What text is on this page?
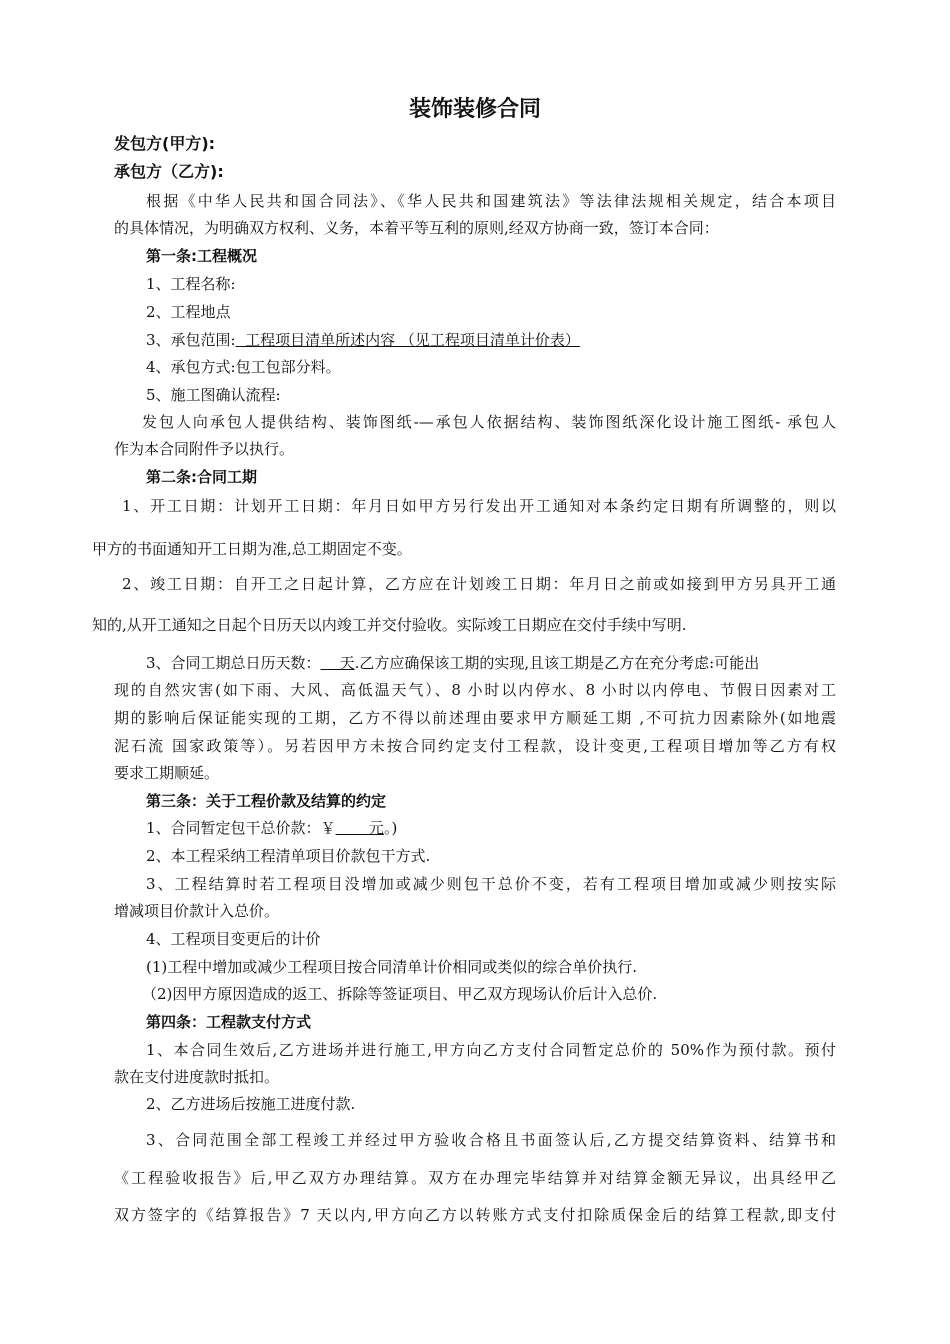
装饰装修合同
发包方(甲方):
承包方（乙方):
根据《中华人民共和国合同法》、《华人民共和国建筑法》等法律法规相关规定，结合本项目
的具体情况，为明确双方权利、义务，本着平等互利的原则,经双方协商一致，签订本合同：
第一条:工程概况
1、工程名称:
2、工程地点
3、承包范围:  工程项目清单所述内容 （见工程项目清单计价表）
4、承包方式:包工包部分料。
5、施工图确认流程:
发包人向承包人提供结构、装饰图纸-—承包人依据结构、装饰图纸深化设计施工图纸- 承包人
作为本合同附件予以执行。
第二条:合同工期
1、开工日期：计划开工日期：年月日如甲方另行发出开工通知对本条约定日期有所调整的，则以
甲方的书面通知开工日期为准,总工期固定不变。
2、竣工日期：自开工之日起计算，乙方应在计划竣工日期：年月日之前或如接到甲方另具开工通
知的,从开工通知之日起个日历天以内竣工并交付验收。实际竣工日期应在交付手续中写明.
3、合同工期总日历天数：    天.乙方应确保该工期的实现,且该工期是乙方在充分考虑:可能出
现的自然灾害(如下雨、大风、高低温天气）、8 小时以内停水、8 小时以内停电、节假日因素对工
期的影响后保证能实现的工期，乙方不得以前述理由要求甲方顺延工期 ,不可抗力因素除外(如地震
泥石流 国家政策等）。另若因甲方未按合同约定支付工程款，设计变更,工程项目增加等乙方有权
要求工期顺延。
第三条：关于工程价款及结算的约定
1、合同暂定包干总价款：￥       元。)
2、本工程采纳工程清单项目价款包干方式.
3、工程结算时若工程项目没增加或减少则包干总价不变，若有工程项目增加或减少则按实际
增减项目价款计入总价。
4、工程项目变更后的计价
(1)工程中增加或减少工程项目按合同清单计价相同或类似的综合单价执行.
（2)因甲方原因造成的返工、拆除等签证项目、甲乙双方现场认价后计入总价.
第四条：工程款支付方式
1、本合同生效后,乙方进场并进行施工,甲方向乙方支付合同暂定总价的 50%作为预付款。预付
款在支付进度款时抵扣。
2、乙方进场后按施工进度付款.
3、合同范围全部工程竣工并经过甲方验收合格且书面签认后,乙方提交结算资料、结算书和
《工程验收报告》后,甲乙双方办理结算。双方在办理完毕结算并对结算金额无异议，出具经甲乙
双方签字的《结算报告》7 天以内,甲方向乙方以转账方式支付扣除质保金后的结算工程款,即支付
